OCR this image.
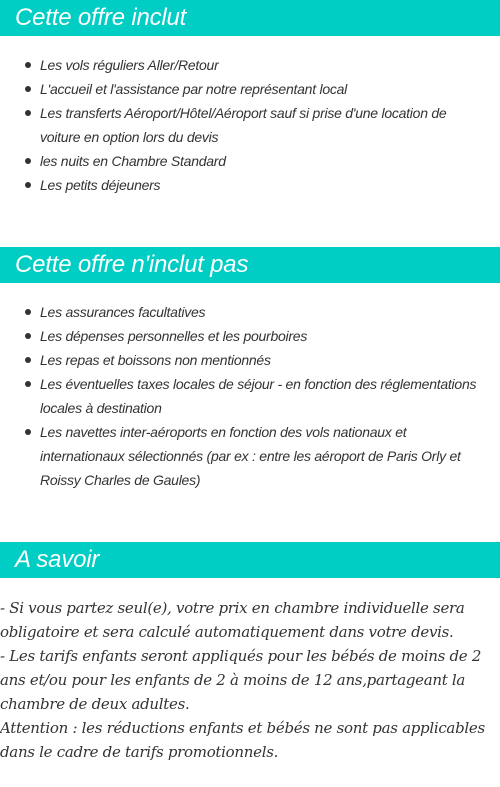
Cette offre inclut
Les vols réguliers Aller/Retour
L'accueil et l'assistance par notre représentant local
Les transferts Aéroport/Hôtel/Aéroport sauf si prise d'une location de voiture en option lors du devis
les nuits en Chambre Standard
Les petits déjeuners
Cette offre n'inclut pas
Les assurances facultatives
Les dépenses personnelles et les pourboires
Les repas et boissons non mentionnés
Les éventuelles taxes locales de séjour - en fonction des réglementations locales à destination
Les navettes inter-aéroports en fonction des vols nationaux et internationaux sélectionnés (par ex : entre les aéroport de Paris Orly et Roissy Charles de Gaules)
A savoir

- Si vous partez seul(e), votre prix en chambre individuelle sera obligatoire et sera calculé automatiquement dans votre devis.

- Les tarifs enfants seront appliqués pour les bébés de moins de 2 ans et/ou pour les enfants de 2 à moins de 12 ans,partageant la chambre de deux adultes.

Attention : les réductions enfants et bébés ne sont pas applicables dans le cadre de tarifs promotionnels.
